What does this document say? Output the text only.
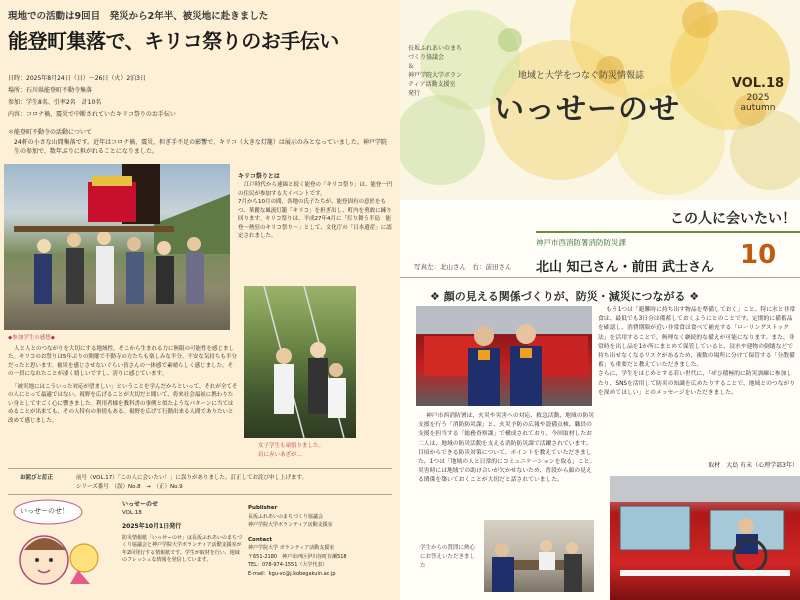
現地での活動は9回目　発災から2年半、被災地に赴きました
能登町集落で、キリコ祭りのお手伝い
日時：2025年8月24日（日）～26日（火）2泊3日
場所：石川県能登町不動寺集落
参加：学生8名、引率2名　計10名
内容：コロナ禍、震災で中断されていたキリコ祭りのお手伝い
＊能登町不動寺の活動について
24軒の小さな山間集落です。近年はコロナ禍、震災、担ぎ手不足の影響で、キリコ（大きな灯籠）は展示のみとなっていました。神戸学院生の参加で、数年ぶりに担がれることになりました。
キリコ祭りとは
江戸時代から連綿と続く能登の「キリコ祭り」は、能登一円の住民が参加する大イベントです。
7月から10月の間、各地の氏子たちが、能登固有の意匠をもつ、華麗な風流灯籠「キリコ」を担ぎ出し、町内を勇敢に練り回ります。キリコ祭りは、平成27年4月に「灯り舞う半島　能登～熱狂のキリコ祭り～」として、文化庁の「日本遺産」に認定されました。
女子学生も頑張りました。
肩に赤いあざが…
◆参加学生の感想◆
人と人とのつながりを大切にする地域性。そこから生まれる力に無限の可能性を感じました。キリコのお祭りは5年ぶりの開催で不動寺の方たちも楽しみな半分、不安な気持ちも半分だったと思います。被災を感じさせないぐらい皆さんの一体感で素晴らしく感じました。その一員になれたことが凄く嬉しいですし、誇りに感じています。
「被災地にはこういった対応が望ましい」ということを学んだからといって、それが全てその人にとって最適ではない。視野を広げることが大切だと聞いて、将来社会福祉に携わりたい身としてすごく心に響きました。利用者様を教科書の事例と似たようなパターンに当てはめることが出来ても、その人特有の事情もある。視野を広げて行動出来る人間でありたいと改めて感じました。
お詫びと訂正	前号（VOL.17）「この人に会いたい！」に誤りがありました。訂正してお詫び申し上げます。
シリーズ番号　（誤）No.8　→　（正）No.9
いっせーのせ！
いっせーのせ
VOL.18
2025年10月1日発行
防災情報紙「いっせーのせ」は長坂ふれあいのまちづくり協議会と神戸学院大学ボランティア活動支援室が年2回発行する情報紙です。学生が取材を行い、地域のフレッシュな情報を発信しています。
Publisher
長坂ふれあいのまちづくり協議会
神戸学院大学ボランティア活動支援室
Contact
神戸学院大学 ボランティア活動支援室
〒651-2180　神戸市西区伊川谷町有瀬518
TEL：078-974-1551（大学代表）
E-mail：kgu-vc@j.kobegakuin.ac.jp
長坂ふれあいのまちづくり協議会
＆
神戸学院大学ボランティア活動支援室
発行
地域と大学をつなぐ防災情報誌
いっせーのせ
VOL.18
2025
autumn
この人に会いたい！
写真左：北山さん　右：前田さん
神戸市西消防署消防防災課
北山 知己さん・前田 武士さん 10
❖ 顔の見える関係づくりが、防災・減災につながる ❖
もう1つは「避難時に持ち出す物品を準備しておく」こと。特に水と非常食は、最低でも3日分は備蓄しておくようにとのことです。定期的に備蓄品を確認し、消費期限が近い非常食は食べて補充する「ローリングストック法」を活用することで、無理なく継続的な備えが可能になります。また、非常時を出し品を1か所にまとめて保管していると、浸水や建物の倒壊などで持ち出せなくなるリスクがあるため、複数の場所に分けて保管する「分散備蓄」も重要だと教えていただきました。
さらに、学生をはじめとする若い世代に、「ぜひ積極的に防災訓練に参加したり、SNSを活用して防災の知識を広めたりすることで、地域とのつながりを深めてほしい」とのメッセージをいただきました。
取材　大島 有未（心理学部3年）
神戸市西消防署は、火災や災害への対応、救急活動、地域の防災支援を行う「消防防災課」と、火災予防の広報や設備点検、職員の支援を担当する「総務査察課」で構成されており、今回取材したお二人は、地域の防災活動を支える消防防災課で活躍されています。
目頃からできる防災対策について、ポイントを教えていただきました。1つは「地域の人と日常的にコミュニケーションを取る」こと。災害時には地域での助け合いが欠かせないため、普段から顔の見える関係を築いておくことが大切だと話されていました。
学生からの質問に熱心にお答えいただきました
